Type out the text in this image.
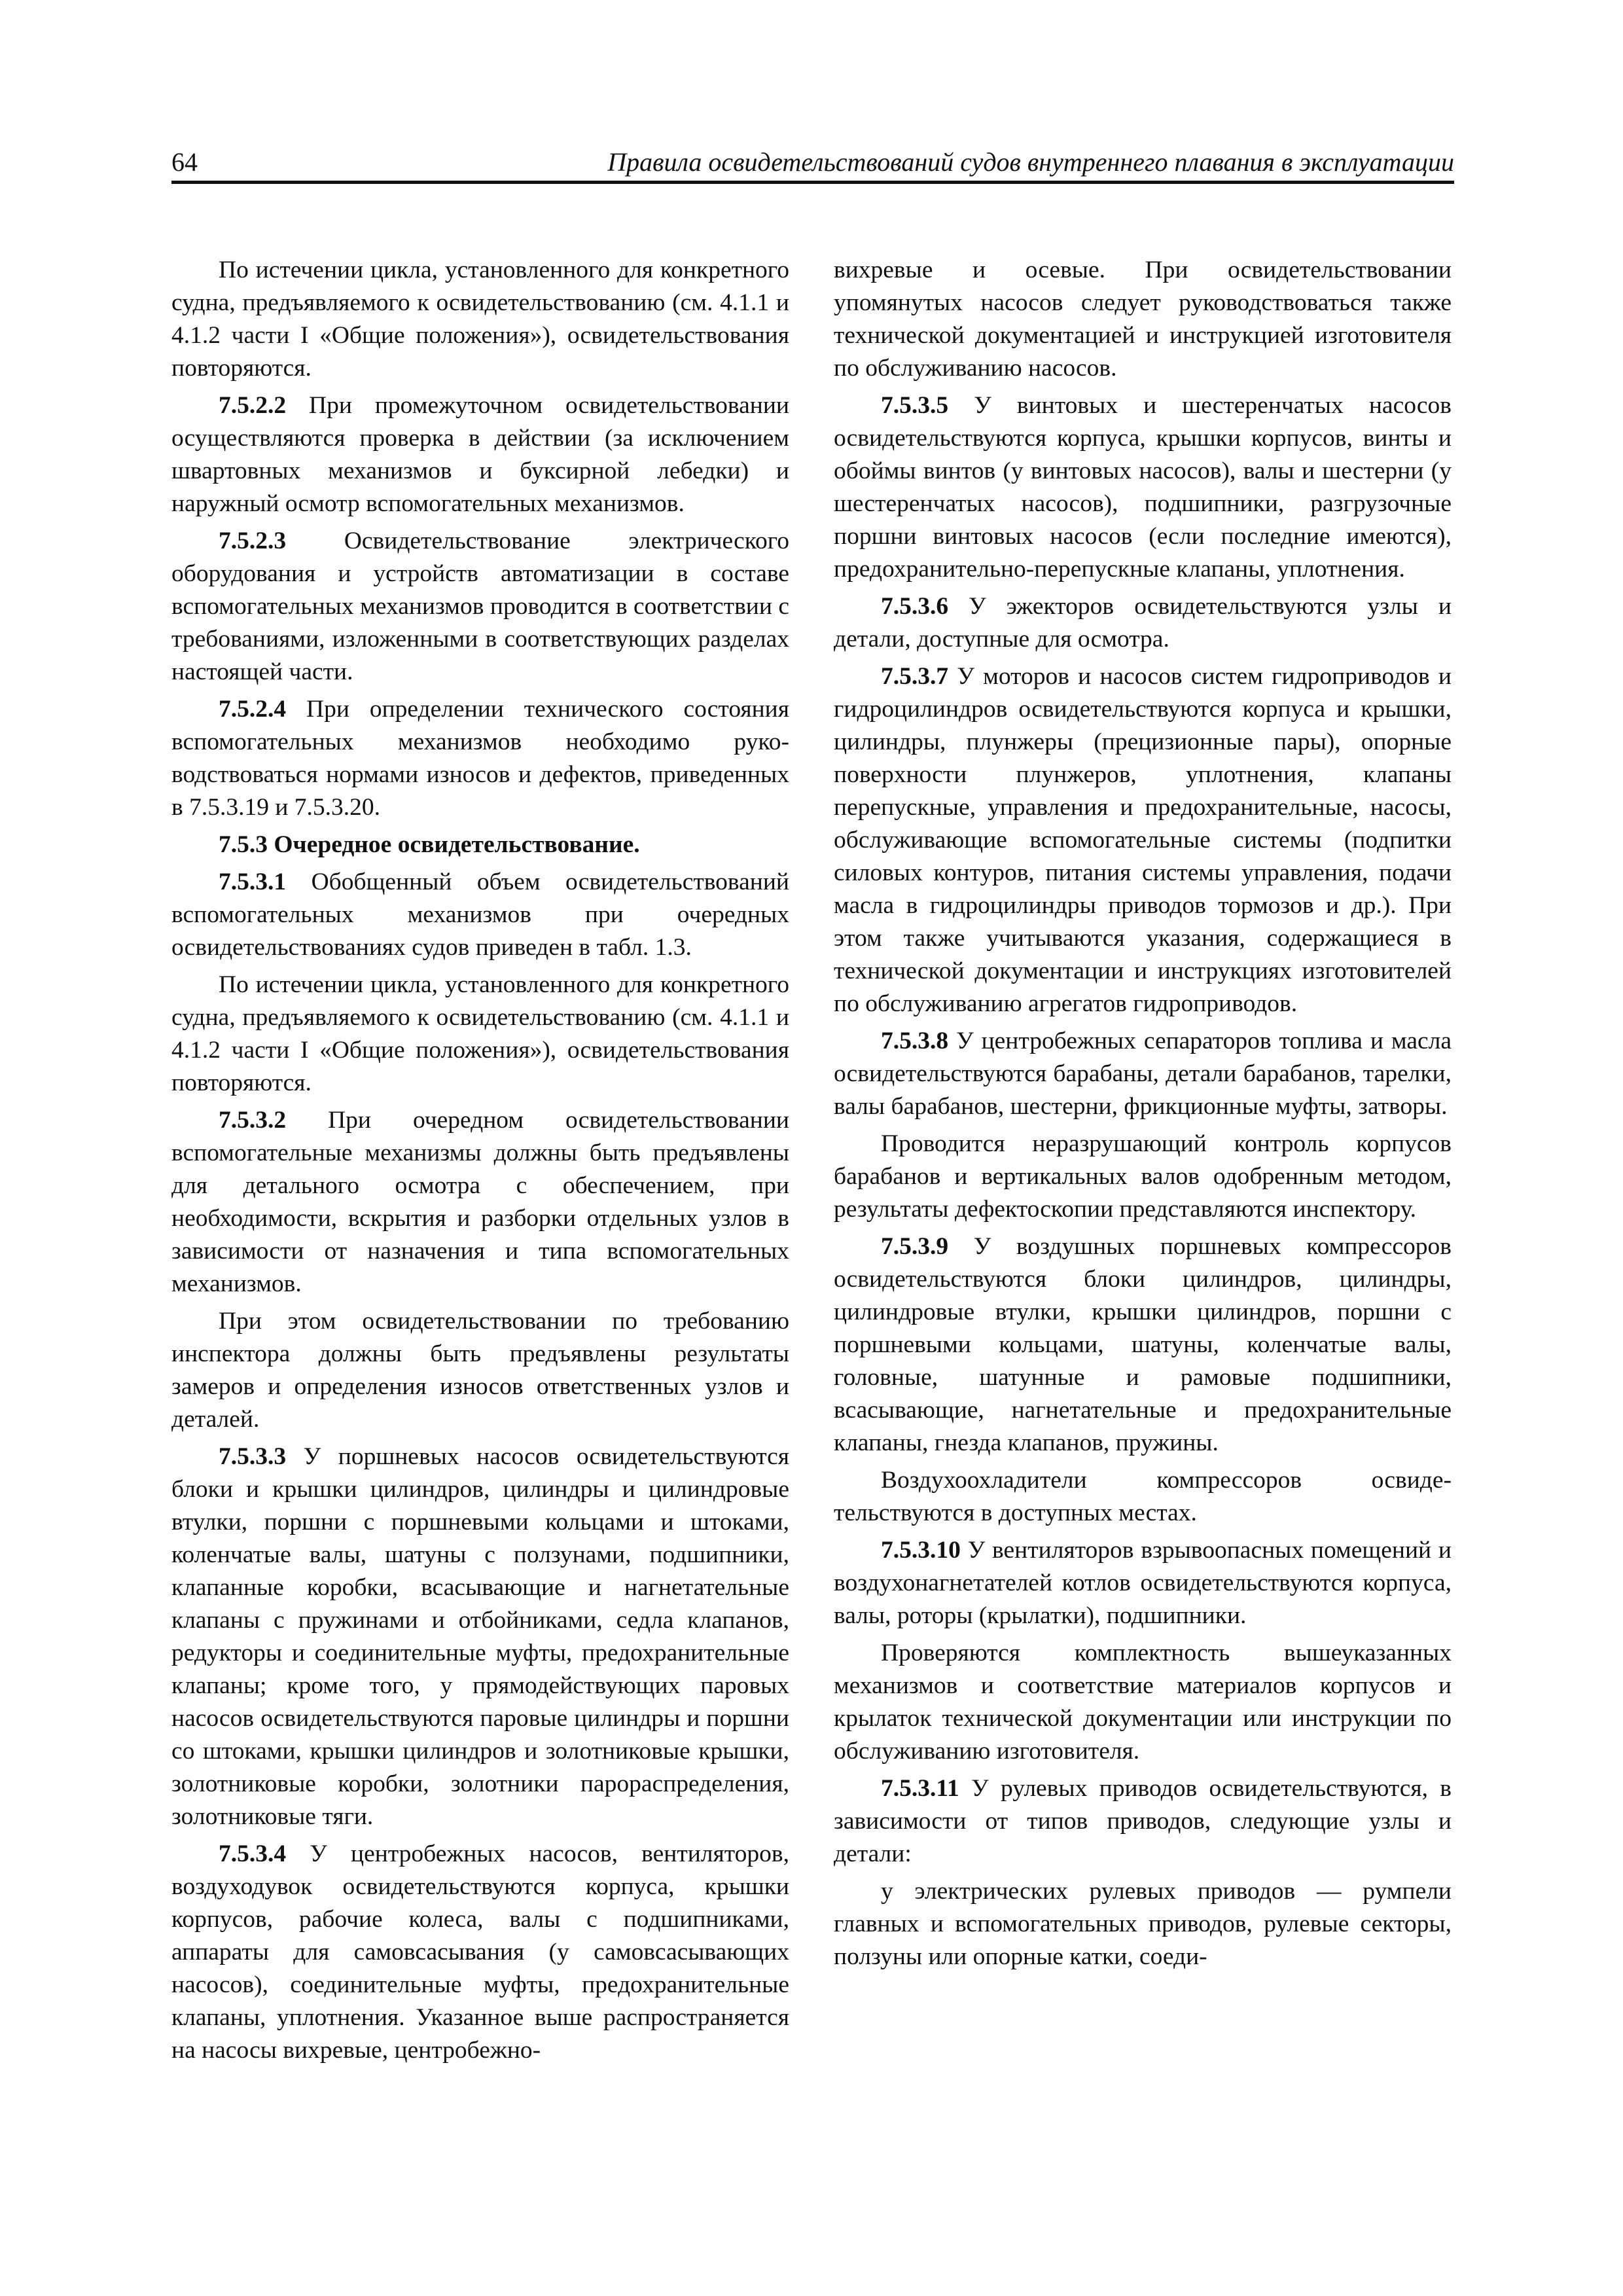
64	Правила освидетельствований судов внутреннего плавания в эксплуатации

По истечении цикла, установленного для конкретного судна, предъявляемого к освидетельствованию (см. 4.1.1 и 4.1.2 части I «Общие положения»), освидетельствования повторяются.

7.5.2.2 При промежуточном освидетельствовании осуществляются проверка в действии (за исключением швартовных механизмов и буксирной лебедки) и наружный осмотр вспомогательных механизмов.

7.5.2.3 Освидетельствование электрического оборудования и устройств автоматизации в составе вспомогательных механизмов проводится в соответствии с требованиями, изложенными в соответствующих разделах настоящей части.

7.5.2.4 При определении технического состояния вспомогательных механизмов необходимо руководствоваться нормами износов и дефектов, приведенных в 7.5.3.19 и 7.5.3.20.

7.5.3 Очередное освидетельствование.

7.5.3.1 Обобщенный объем освидетельствований вспомогательных механизмов при очередных освидетельствованиях судов приведен в табл. 1.3.

По истечении цикла, установленного для конкретного судна, предъявляемого к освидетельствованию (см. 4.1.1 и 4.1.2 части I «Общие положения»), освидетельствования повторяются.

7.5.3.2 При очередном освидетельствовании вспомогательные механизмы должны быть предъявлены для детального осмотра с обеспечением, при необходимости, вскрытия и разборки отдельных узлов в зависимости от назначения и типа вспомогательных механизмов.

При этом освидетельствовании по требованию инспектора должны быть предъявлены результаты замеров и определения износов ответственных узлов и деталей.

7.5.3.3 У поршневых насосов освидетельствуются блоки и крышки цилиндров, цилиндры и цилиндровые втулки, поршни с поршневыми кольцами и штоками, коленчатые валы, шатуны с ползунами, подшипники, клапанные коробки, всасывающие и нагнетательные клапаны с пружинами и отбойниками, седла клапанов, редукторы и соединительные муфты, предохранительные клапаны; кроме того, у прямодействующих паровых насосов освидетельствуются паровые цилиндры и поршни со штоками, крышки цилиндров и золотниковые крышки, золотниковые коробки, золотники парораспределения, золотниковые тяги.

7.5.3.4 У центробежных насосов, вентиляторов, воздуходувок освидетельствуются корпуса, крышки корпусов, рабочие колеса, валы с подшипниками, аппараты для самовсасывания (у самовсасывающих насосов), соединительные муфты, предохранительные клапаны, уплотнения. Указанное выше распространяется на насосы вихревые, центробежно-

вихревые и осевые. При освидетельствовании упомянутых насосов следует руководствоваться также технической документацией и инструкцией изготовителя по обслуживанию насосов.

7.5.3.5 У винтовых и шестеренчатых насосов освидетельствуются корпуса, крышки корпусов, винты и обоймы винтов (у винтовых насосов), валы и шестерни (у шестеренчатых насосов), подшипники, разгрузочные поршни винтовых насосов (если последние имеются), предохранительно-перепускные клапаны, уплотнения.

7.5.3.6 У эжекторов освидетельствуются узлы и детали, доступные для осмотра.

7.5.3.7 У моторов и насосов систем гидроприводов и гидроцилиндров освидетельствуются корпуса и крышки, цилиндры, плунжеры (прецизионные пары), опорные поверхности плунжеров, уплотнения, клапаны перепускные, управления и предохранительные, насосы, обслуживающие вспомогательные системы (подпитки силовых контуров, питания системы управления, подачи масла в гидроцилиндры приводов тормозов и др.). При этом также учитываются указания, содержащиеся в технической документации и инструкциях изготовителей по обслуживанию агрегатов гидроприводов.

7.5.3.8 У центробежных сепараторов топлива и масла освидетельствуются барабаны, детали барабанов, тарелки, валы барабанов, шестерни, фрикционные муфты, затворы.

Проводится неразрушающий контроль корпусов барабанов и вертикальных валов одобренным методом, результаты дефектоскопии представляются инспектору.

7.5.3.9 У воздушных поршневых компрессоров освидетельствуются блоки цилиндров, цилиндры, цилиндровые втулки, крышки цилиндров, поршни с поршневыми кольцами, шатуны, коленчатые валы, головные, шатунные и рамовые подшипники, всасывающие, нагнетательные и предохранительные клапаны, гнезда клапанов, пружины.

Воздухоохладители компрессоров освидетельствуются в доступных местах.

7.5.3.10 У вентиляторов взрывоопасных помещений и воздухонагнетателей котлов освидетельствуются корпуса, валы, роторы (крылатки), подшипники.

Проверяются комплектность вышеуказанных механизмов и соответствие материалов корпусов и крылаток технической документации или инструкции по обслуживанию изготовителя.

7.5.3.11 У рулевых приводов освидетельствуются, в зависимости от типов приводов, следующие узлы и детали:

у электрических рулевых приводов — румпели главных и вспомогательных приводов, рулевые секторы, ползуны или опорные катки, соеди-
